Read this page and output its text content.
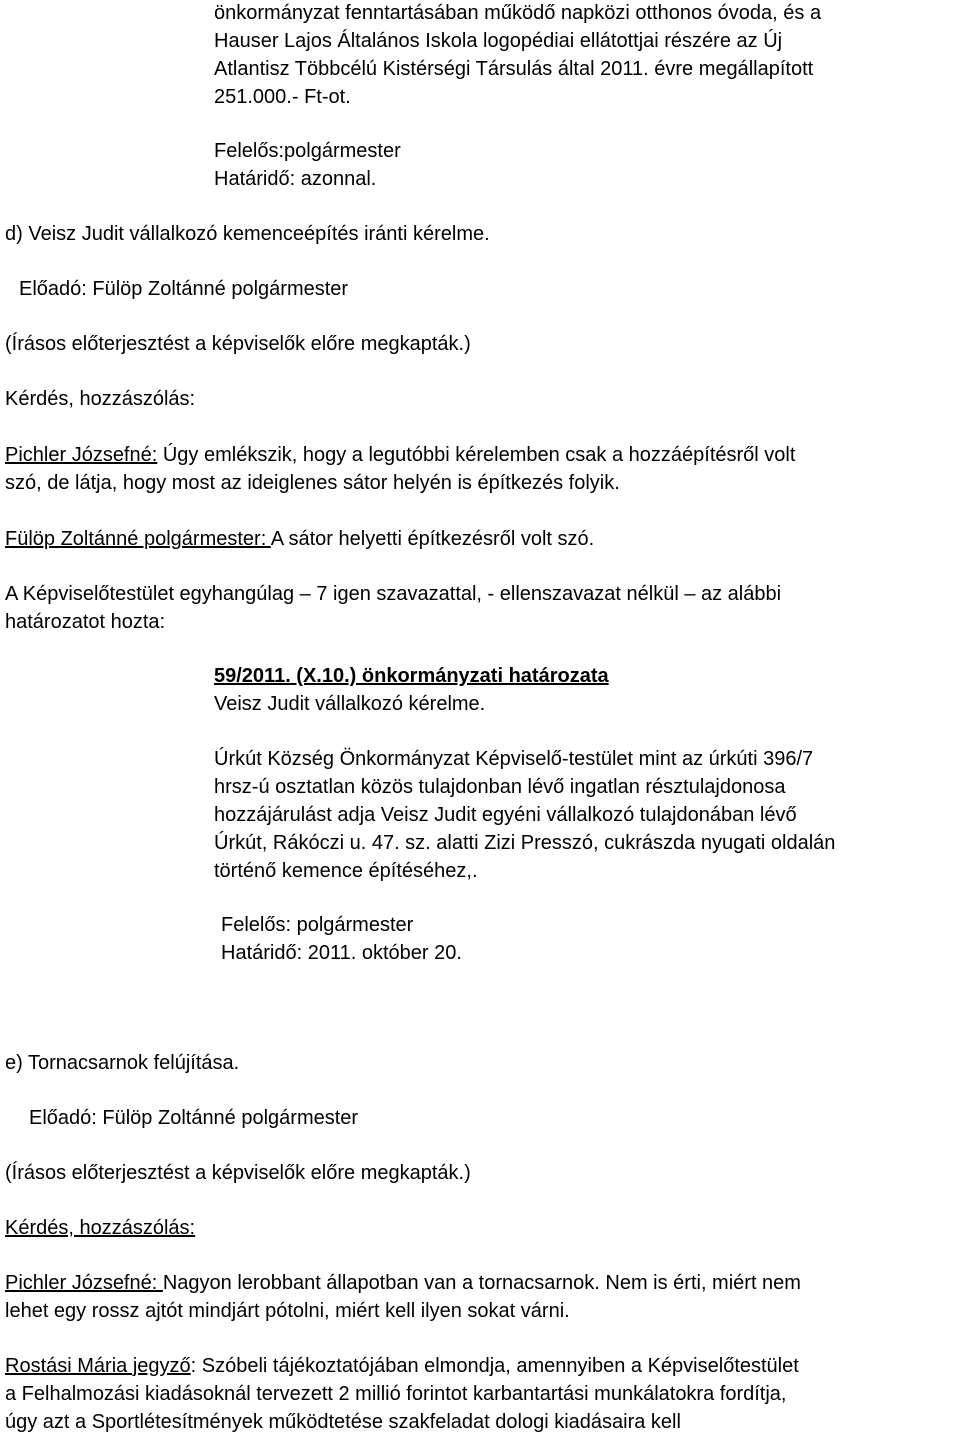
önkormányzat fenntartásában működő napközi otthonos óvoda, és a

Hauser Lajos Általános Iskola logopédiai ellátottjai részére az Új

Atlantisz Többcélú Kistérségi Társulás által 2011. évre megállapított

251.000.- Ft-ot.

Felelős:polgármester

Határidő: azonnal.

d) Veisz Judit vállalkozó kemenceépítés iránti kérelme.

Előadó: Fülöp Zoltánné polgármester

(Írásos előterjesztést a képviselők előre megkapták.)

Kérdés, hozzászólás:

Pichler Józsefné: Úgy emlékszik, hogy a legutóbbi kérelemben csak a hozzáépítésről volt

szó, de látja, hogy most az ideiglenes sátor helyén is építkezés folyik.

Fülöp Zoltánné polgármester: A sátor helyetti építkezésről volt szó.

A Képviselőtestület egyhangúlag – 7 igen szavazattal, - ellenszavazat nélkül – az alábbi

határozatot hozta:

59/2011. (X.10.) önkormányzati határozata

Veisz Judit vállalkozó kérelme.

Úrkút Község Önkormányzat Képviselő-testület mint az úrkúti 396/7

hrsz-ú osztatlan közös tulajdonban lévő ingatlan résztulajdonosa

hozzájárulást adja Veisz Judit egyéni vállalkozó tulajdonában lévő

Úrkút, Rákóczi u. 47. sz. alatti Zizi Presszó, cukrászda nyugati oldalán

történő kemence építéséhez,.

Felelős: polgármester

Határidő: 2011. október 20.

e) Tornacsarnok felújítása.

Előadó: Fülöp Zoltánné polgármester

(Írásos előterjesztést a képviselők előre megkapták.)

Kérdés, hozzászólás:

Pichler Józsefné: Nagyon lerobbant állapotban van a tornacsarnok. Nem is érti, miért nem

lehet egy rossz ajtót mindjárt pótolni, miért kell ilyen sokat várni.

Rostási Mária jegyző: Szóbeli tájékoztatójában elmondja, amennyiben a Képviselőtestület

a Felhalmozási kiadásoknál tervezett 2 millió forintot karbantartási munkálatokra fordítja,

úgy azt a Sportlétesítmények működtetése szakfeladat dologi kiadásaira kell
